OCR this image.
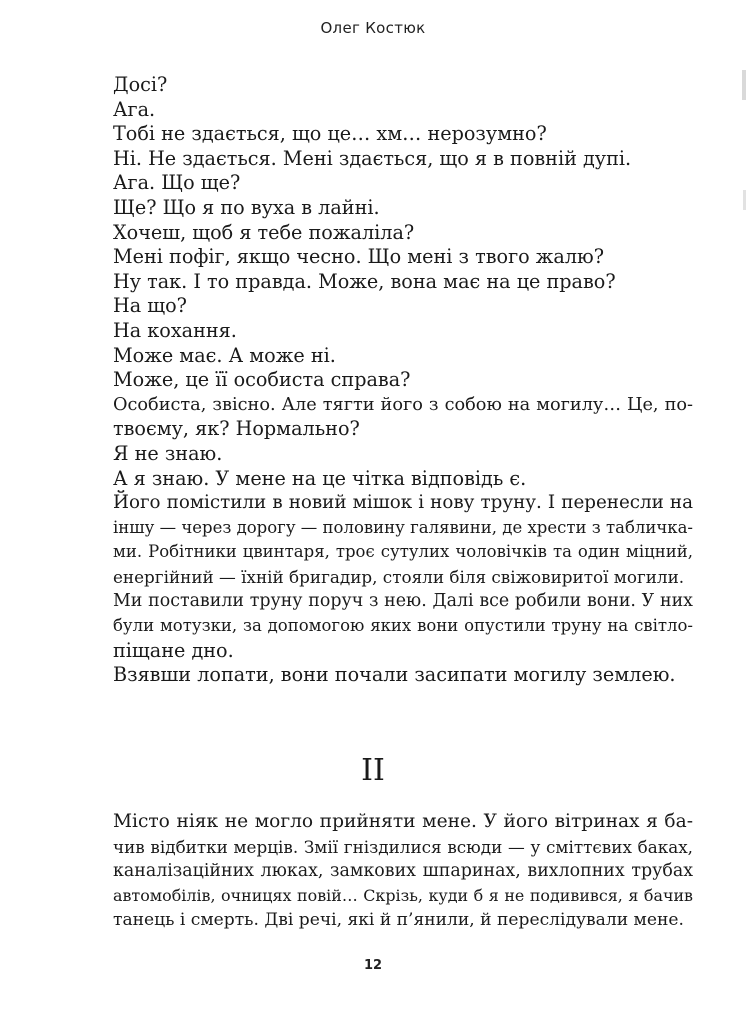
Олег Костюк
Досі?
Ага.
Тобі не здається, що це… хм… нерозумно?
Ні. Не здається. Мені здається, що я в повній дупі.
Ага. Що ще?
Ще? Що я по вуха в лайні.
Хочеш, щоб я тебе пожаліла?
Мені пофіг, якщо чесно. Що мені з твого жалю?
Ну так. І то правда. Може, вона має на це право?
На що?
На кохання.
Може має. А може ні.
Може, це її особиста справа?
Особиста, звісно. Але тягти його з собою на могилу… Це, по-
твоєму, як? Нормально?
Я не знаю.
А я знаю. У мене на це чітка відповідь є.
Його помістили в новий мішок і нову труну. І перенесли на
іншу — через дорогу — половину галявини, де хрести з табличка-
ми. Робітники цвинтаря, троє сутулих чоловічків та один міцний,
енергійний — їхній бригадир, стояли біля свіжовиритої могили.
Ми поставили труну поруч з нею. Далі все робили вони. У них
були мотузки, за допомогою яких вони опустили труну на світло-
піщане дно.
Взявши лопати, вони почали засипати могилу землею.
II
Місто ніяк не могло прийняти мене. У його вітринах я ба-
чив відбитки мерців. Змії гніздилися всюди — у сміттєвих баках,
каналізаційних люках, замкових шпаринах, вихлопних трубах
автомобілів, очницях повій… Скрізь, куди б я не подивився, я бачив
танець і смерть. Дві речі, які й п’янили, й переслідували мене.
12
